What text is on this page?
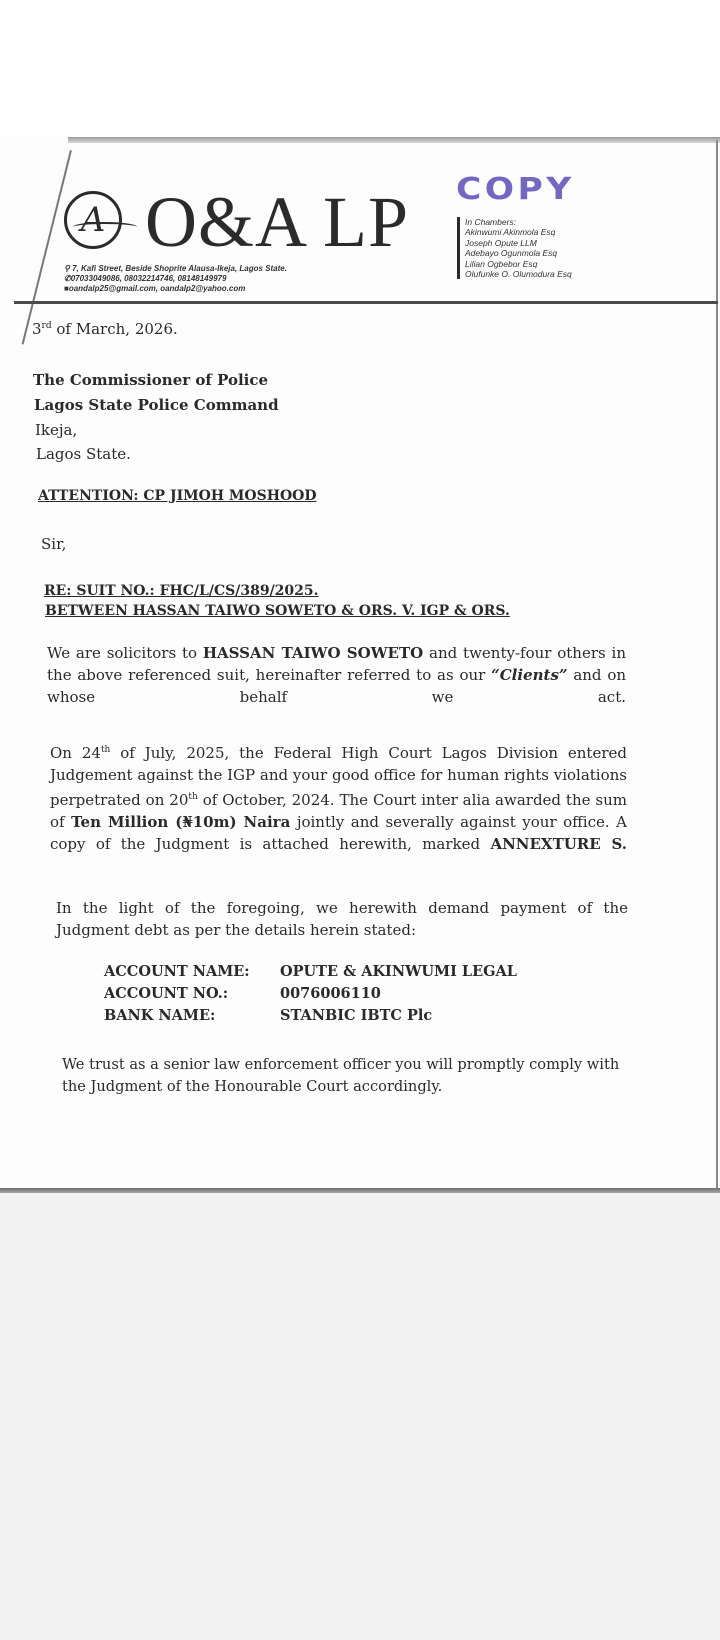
A O&A LP
⚲ 7, Kafi Street, Beside Shoprite Alausa-Ikeja, Lagos State.
✆07033049086, 08032214746, 08148149979
■oandalp25@gmail.com, oandalp2@yahoo.com
COPY
In Chambers:
Akinwumi Akinmola Esq
Joseph Opute LLM
Adebayo Ogunmola Esq
Lilian Ogbebor Esq
Olufunke O. Olumodura Esq
3rd of March, 2026.
The Commissioner of Police
Lagos State Police Command
Ikeja,
Lagos State.
ATTENTION: CP JIMOH MOSHOOD
Sir,
RE: SUIT NO.: FHC/L/CS/389/2025.
BETWEEN HASSAN TAIWO SOWETO & ORS. V. IGP & ORS.
We are solicitors to HASSAN TAIWO SOWETO and twenty-four others in the above referenced suit, hereinafter referred to as our “Clients” and on whose behalf we act.
On 24th of July, 2025, the Federal High Court Lagos Division entered Judgement against the IGP and your good office for human rights violations perpetrated on 20th of October, 2024. The Court inter alia awarded the sum of Ten Million (₦10m) Naira jointly and severally against your office. A copy of the Judgment is attached herewith, marked ANNEXTURE S.
In the light of the foregoing, we herewith demand payment of the Judgment debt as per the details herein stated:
ACCOUNT NAME: OPUTE & AKINWUMI LEGAL
ACCOUNT NO.:	0076006110
BANK NAME:	STANBIC IBTC Plc
We trust as a senior law enforcement officer you will promptly comply with the Judgment of the Honourable Court accordingly.
